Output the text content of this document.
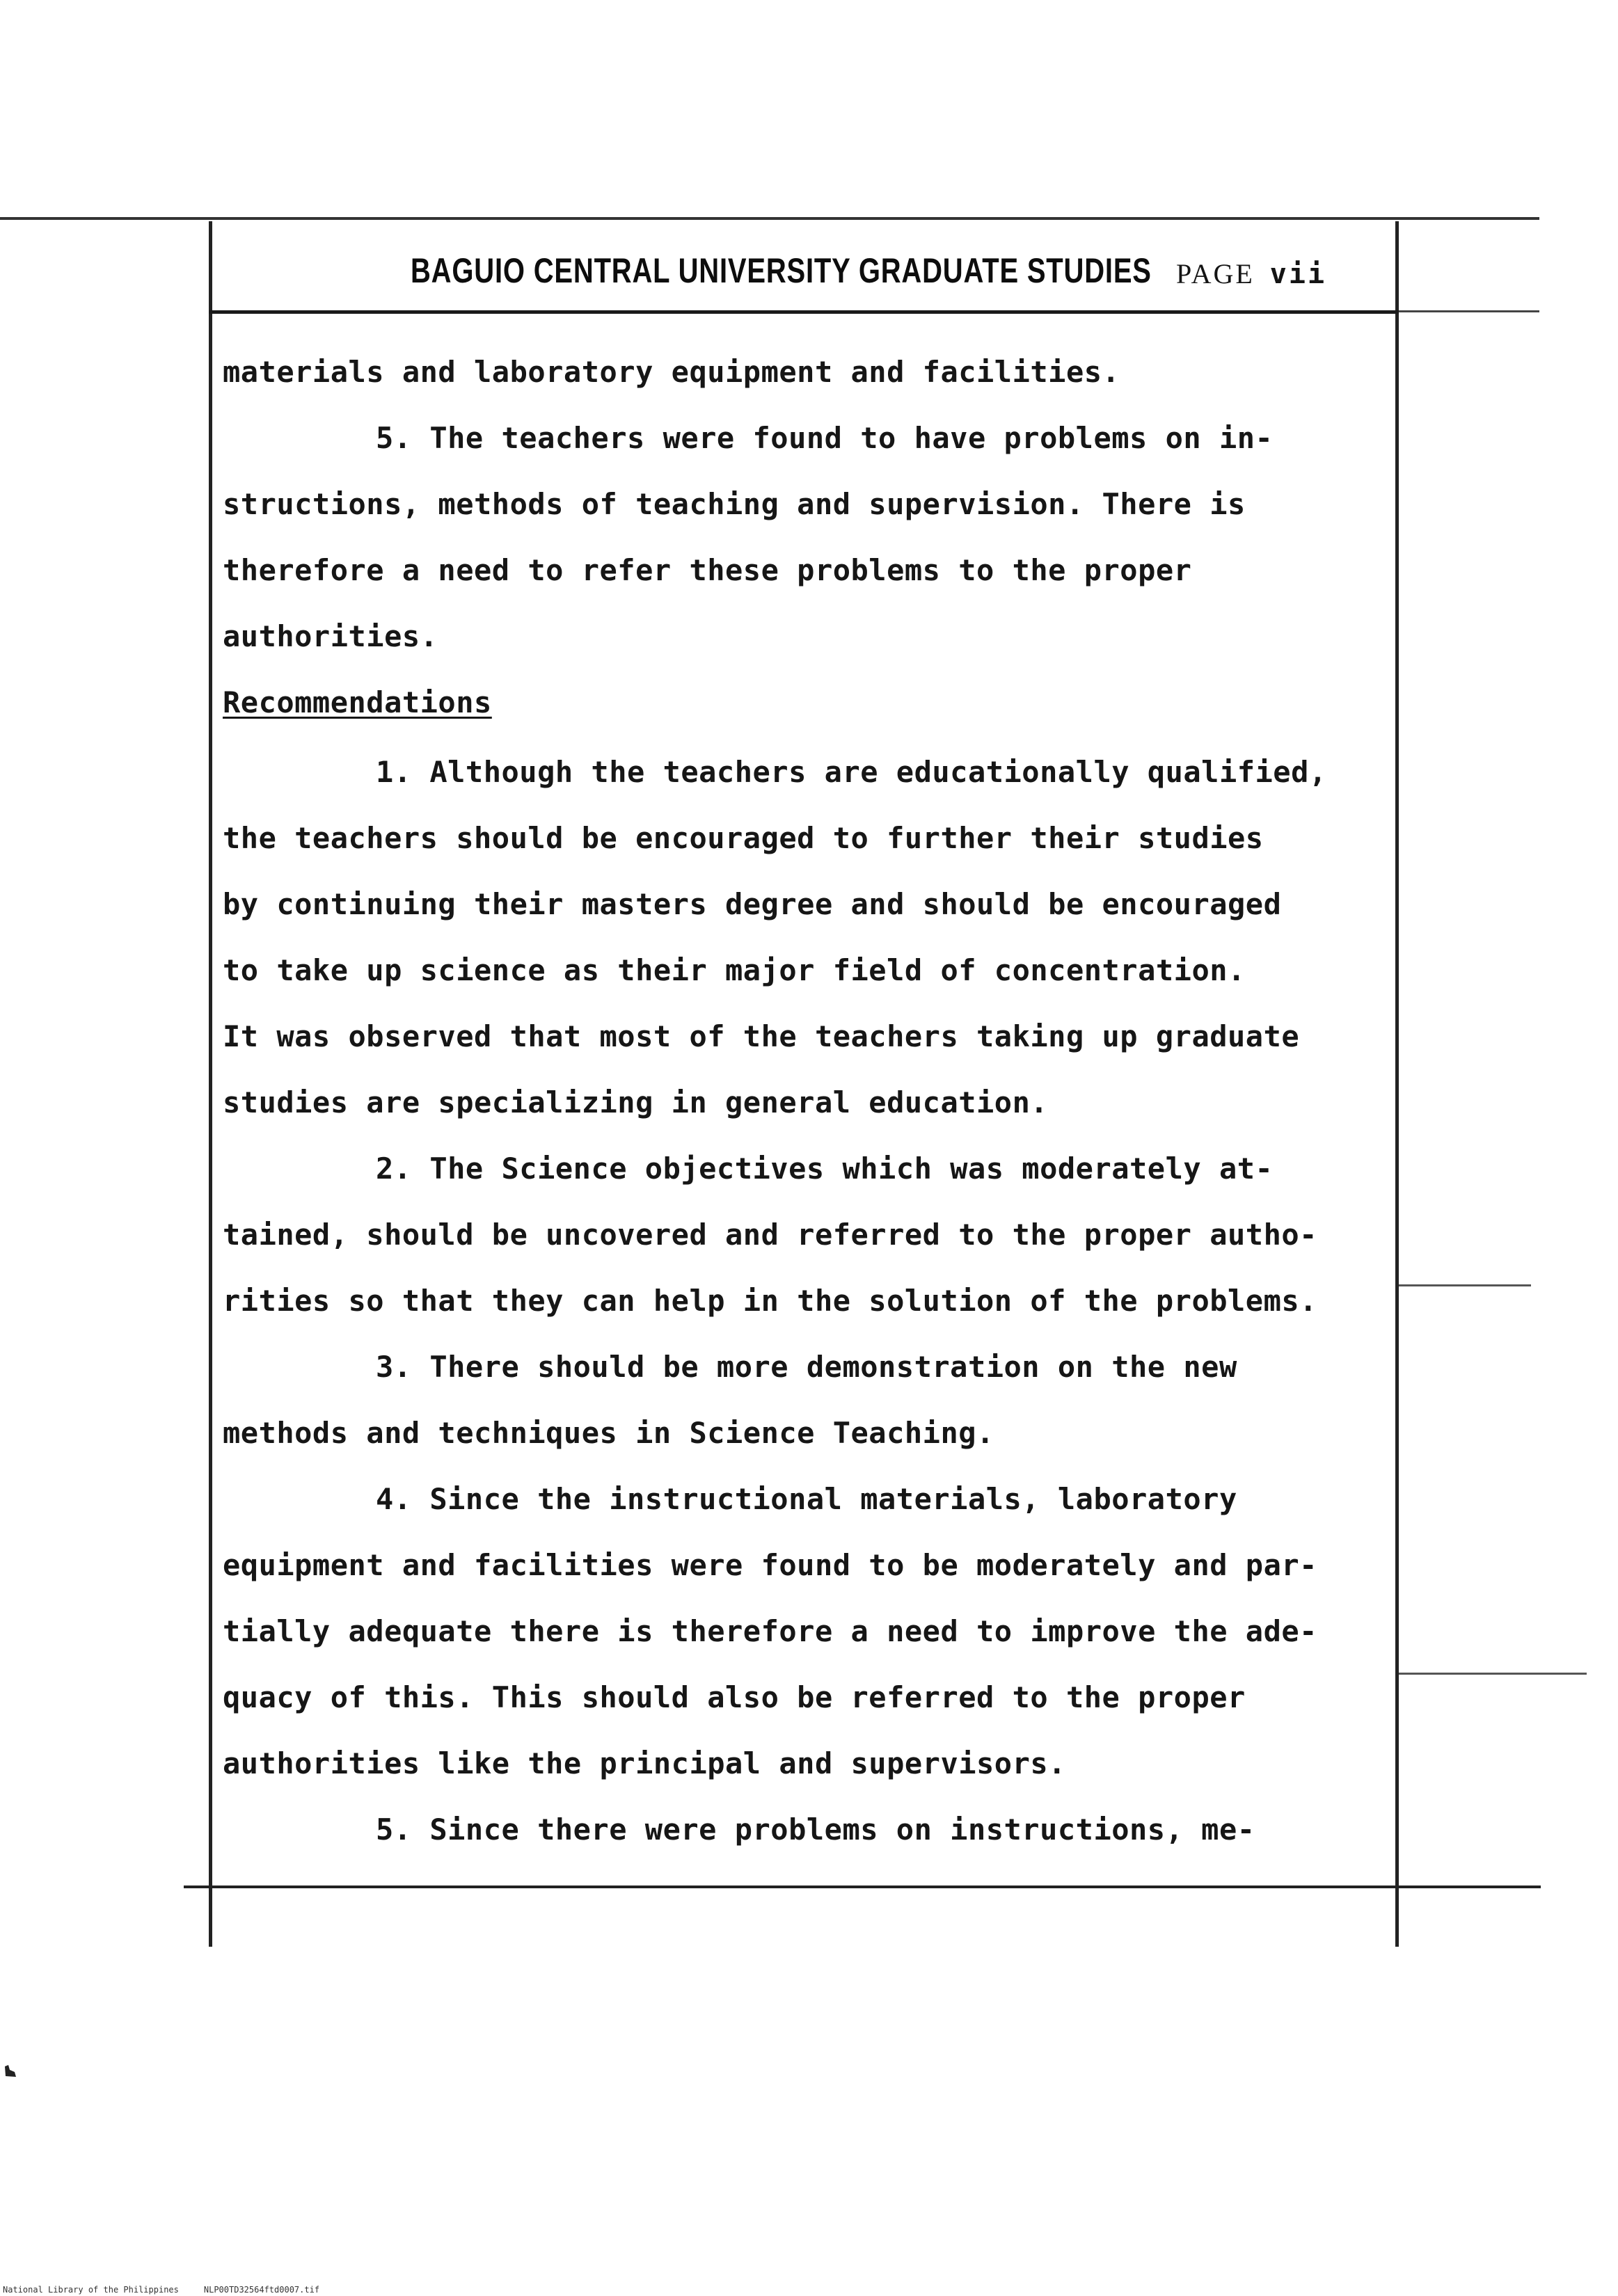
BAGUIO CENTRAL UNIVERSITY GRADUATE STUDIES PAGE vii
materials and laboratory equipment and facilities.
5. The teachers were found to have problems on in-
structions, methods of teaching and supervision. There is
therefore a need to refer these problems to the proper
authorities.
Recommendations
1. Although the teachers are educationally qualified,
the teachers should be encouraged to further their studies
by continuing their masters degree and should be encouraged
to take up science as their major field of concentration.
It was observed that most of the teachers taking up graduate
studies are specializing in general education.
2. The Science objectives which was moderately at-
tained, should be uncovered and referred to the proper autho-
rities so that they can help in the solution of the problems.
3. There should be more demonstration on the new
methods and techniques in Science Teaching.
4. Since the instructional materials, laboratory
equipment and facilities were found to be moderately and par-
tially adequate there is therefore a need to improve the ade-
quacy of this. This should also be referred to the proper
authorities like the principal and supervisors.
5. Since there were problems on instructions, me-
National Library of the Philippines	NLP00TD32564ftd0007.tif
